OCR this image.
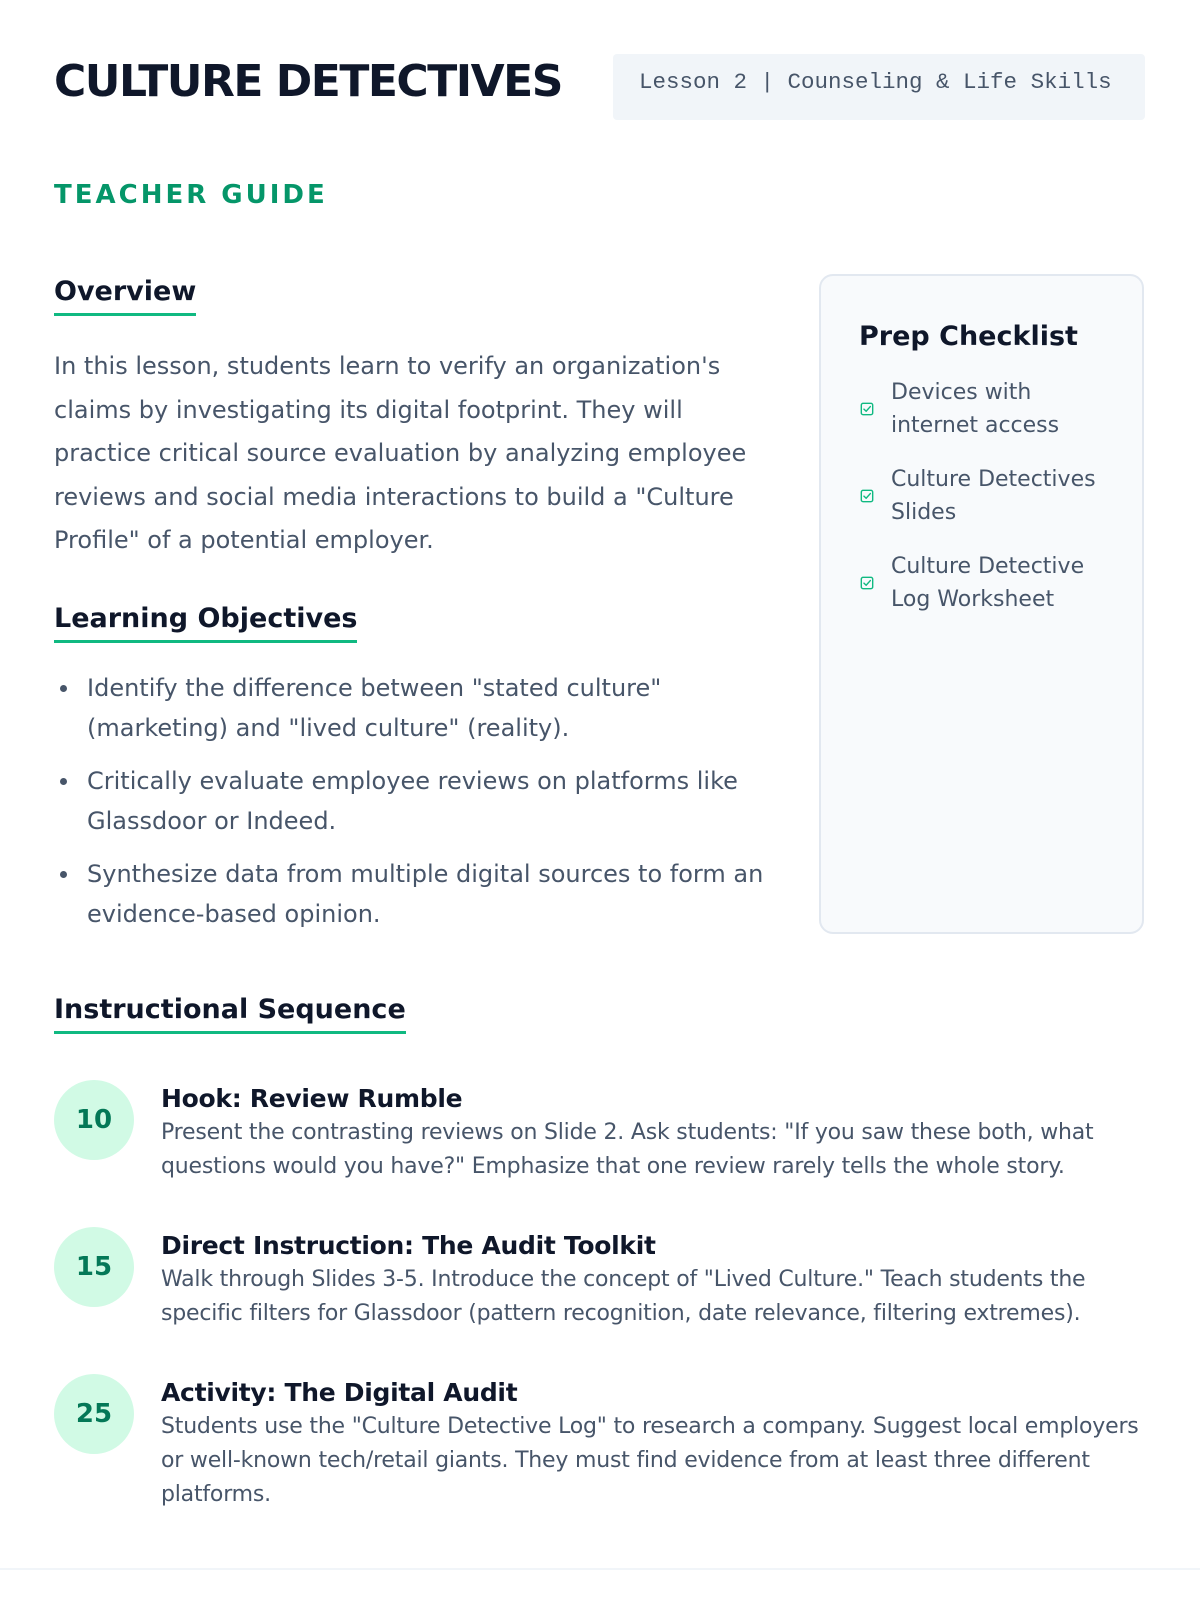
CULTURE DETECTIVES
TEACHER GUIDE
Lesson 2 | Counseling & Life Skills
Overview

In this lesson, students learn to verify an organization's claims by investigating its digital footprint. They will practice critical source evaluation by analyzing employee reviews and social media interactions to build a "Culture Profile" of a potential employer.

Learning Objectives
Identify the difference between "stated culture" (marketing) and "lived culture" (reality).
Critically evaluate employee reviews on platforms like Glassdoor or Indeed.
Synthesize data from multiple digital sources to form an evidence-based opinion.
Prep Checklist
Devices with internet access
Culture Detectives Slides
Culture Detective Log Worksheet
Instructional Sequence
10
Hook: Review Rumble

Present the contrasting reviews on Slide 2. Ask students: "If you saw these both, what questions would you have?" Emphasize that one review rarely tells the whole story.

15
Direct Instruction: The Audit Toolkit

Walk through Slides 3-5. Introduce the concept of "Lived Culture." Teach students the specific filters for Glassdoor (pattern recognition, date relevance, filtering extremes).

25
Activity: The Digital Audit

Students use the "Culture Detective Log" to research a company. Suggest local employers or well-known tech/retail giants. They must find evidence from at least three different platforms.
